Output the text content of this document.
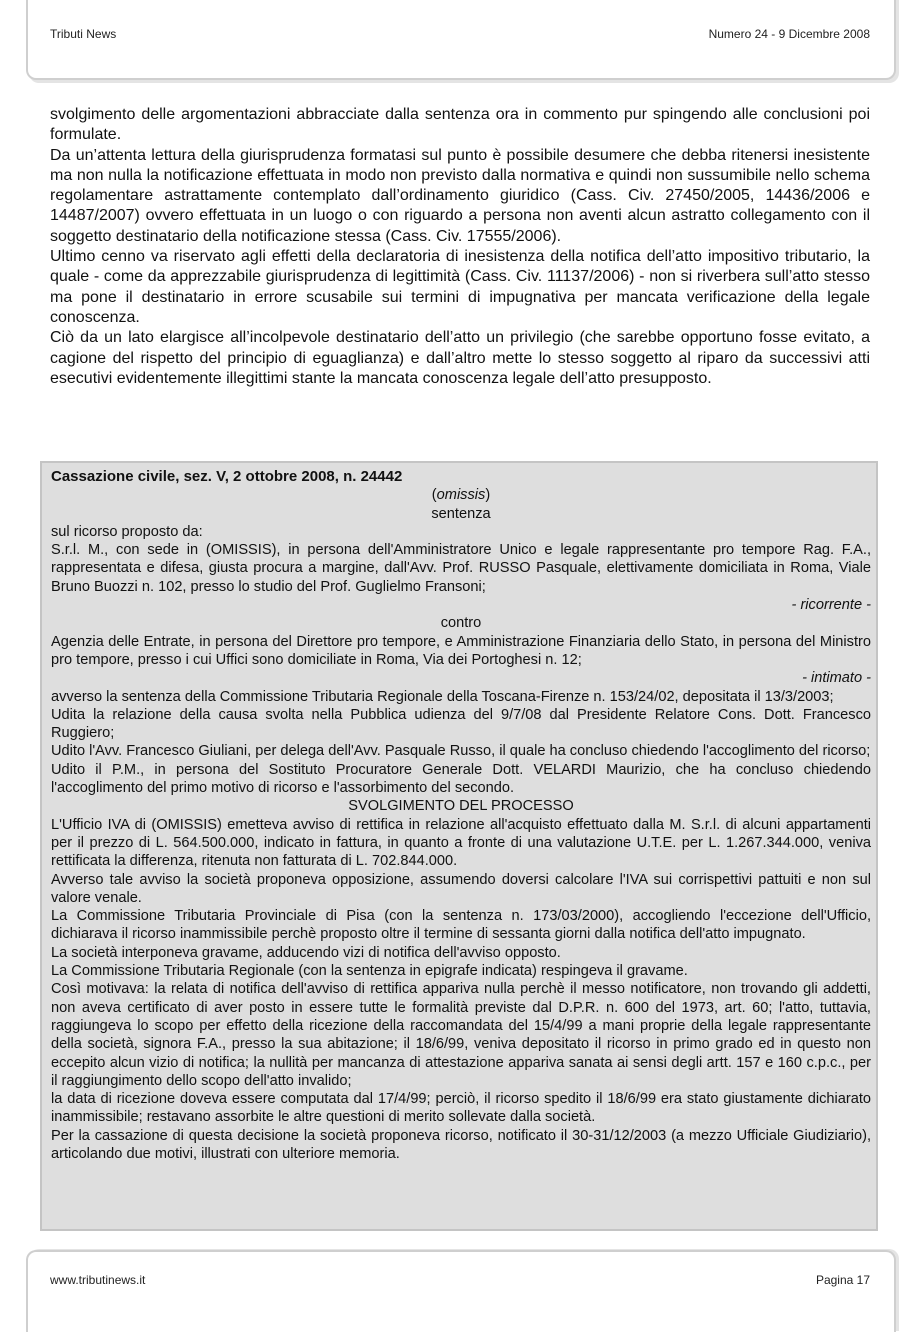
Tributi News	Numero 24 - 9 Dicembre 2008

svolgimento delle argomentazioni abbracciate dalla sentenza ora in commento pur spingendo alle conclusioni poi formulate.

Da un’attenta lettura della giurisprudenza formatasi sul punto è possibile desumere che debba ritenersi inesistente ma non nulla la notificazione effettuata in modo non previsto dalla normativa e quindi non sussumibile nello schema regolamentare astrattamente contemplato dall’ordinamento giuridico (Cass. Civ. 27450/2005, 14436/2006 e 14487/2007) ovvero effettuata in un luogo o con riguardo a persona non aventi alcun astratto collegamento con il soggetto destinatario della notificazione stessa (Cass. Civ. 17555/2006).

Ultimo cenno va riservato agli effetti della declaratoria di inesistenza della notifica dell’atto impositivo tributario, la quale - come da apprezzabile giurisprudenza di legittimità (Cass. Civ. 11137/2006) - non si riverbera sull’atto stesso ma pone il destinatario in errore scusabile sui termini di impugnativa per mancata verificazione della legale conoscenza.

Ciò da un lato elargisce all’incolpevole destinatario dell’atto un privilegio (che sarebbe opportuno fosse evitato, a cagione del rispetto del principio di eguaglianza) e dall’altro mette lo stesso soggetto al riparo da successivi atti esecutivi evidentemente illegittimi stante la mancata conoscenza legale dell’atto presupposto.

Cassazione civile, sez. V, 2 ottobre 2008, n. 24442

(omissis)

sentenza

sul ricorso proposto da:

S.r.l. M., con sede in (OMISSIS), in persona dell'Amministratore Unico e legale rappresentante pro tempore Rag. F.A., rappresentata e difesa, giusta procura a margine, dall'Avv. Prof. RUSSO Pasquale, elettivamente domiciliata in Roma, Viale Bruno Buozzi n. 102, presso lo studio del Prof. Guglielmo Fransoni;

- ricorrente -

contro

Agenzia delle Entrate, in persona del Direttore pro tempore, e Amministrazione Finanziaria dello Stato, in persona del Ministro pro tempore, presso i cui Uffici sono domiciliate in Roma, Via dei Portoghesi n. 12;

- intimato -

avverso la sentenza della Commissione Tributaria Regionale della Toscana-Firenze n. 153/24/02, depositata il 13/3/2003;

Udita la relazione della causa svolta nella Pubblica udienza del 9/7/08 dal Presidente Relatore Cons. Dott. Francesco Ruggiero;

Udito l'Avv. Francesco Giuliani, per delega dell'Avv. Pasquale Russo, il quale ha concluso chiedendo l'accoglimento del ricorso;

Udito il P.M., in persona del Sostituto Procuratore Generale Dott. VELARDI Maurizio, che ha concluso chiedendo l'accoglimento del primo motivo di ricorso e l'assorbimento del secondo.

SVOLGIMENTO DEL PROCESSO

L'Ufficio IVA di (OMISSIS) emetteva avviso di rettifica in relazione all'acquisto effettuato dalla M. S.r.l. di alcuni appartamenti per il prezzo di L. 564.500.000, indicato in fattura, in quanto a fronte di una valutazione U.T.E. per L. 1.267.344.000, veniva rettificata la differenza, ritenuta non fatturata di L. 702.844.000.

Avverso tale avviso la società proponeva opposizione, assumendo doversi calcolare l'IVA sui corrispettivi pattuiti e non sul valore venale.

La Commissione Tributaria Provinciale di Pisa (con la sentenza n. 173/03/2000), accogliendo l'eccezione dell'Ufficio, dichiarava il ricorso inammissibile perchè proposto oltre il termine di sessanta giorni dalla notifica dell'atto impugnato.

La società interponeva gravame, adducendo vizi di notifica dell'avviso opposto.

La Commissione Tributaria Regionale (con la sentenza in epigrafe indicata) respingeva il gravame.

Così motivava: la relata di notifica dell'avviso di rettifica appariva nulla perchè il messo notificatore, non trovando gli addetti, non aveva certificato di aver posto in essere tutte le formalità previste dal D.P.R. n. 600 del 1973, art. 60; l'atto, tuttavia, raggiungeva lo scopo per effetto della ricezione della raccomandata del 15/4/99 a mani proprie della legale rappresentante della società, signora F.A., presso la sua abitazione; il 18/6/99, veniva depositato il ricorso in primo grado ed in questo non eccepito alcun vizio di notifica; la nullità per mancanza di attestazione appariva sanata ai sensi degli artt. 157 e 160 c.p.c., per il raggiungimento dello scopo dell'atto invalido;

la data di ricezione doveva essere computata dal 17/4/99; perciò, il ricorso spedito il 18/6/99 era stato giustamente dichiarato inammissibile; restavano assorbite le altre questioni di merito sollevate dalla società.

Per la cassazione di questa decisione la società proponeva ricorso, notificato il 30-31/12/2003 (a mezzo Ufficiale Giudiziario), articolando due motivi, illustrati con ulteriore memoria.

www.tributinews.it	Pagina 17
